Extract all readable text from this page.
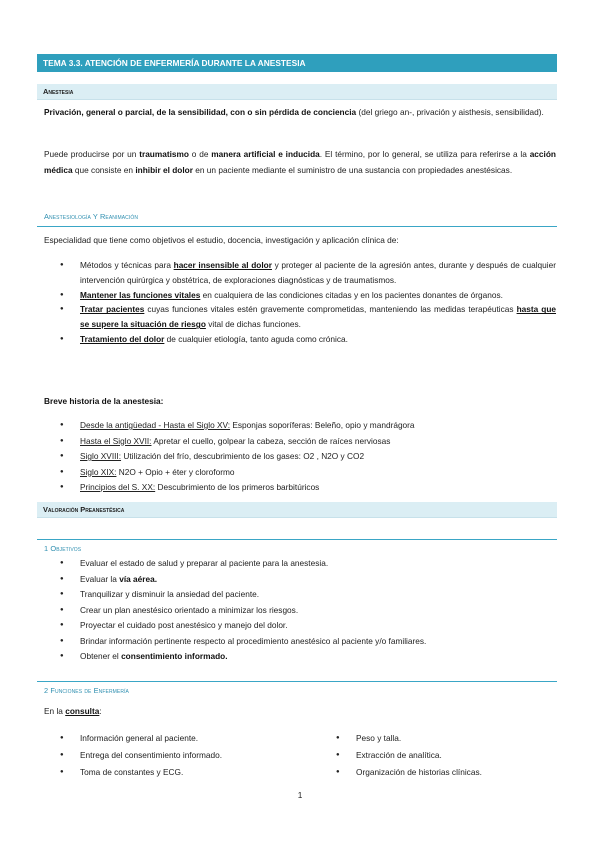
TEMA 3.3. ATENCIÓN DE ENFERMERÍA DURANTE LA ANESTESIA
Anestesia
Privación, general o parcial, de la sensibilidad, con o sin pérdida de conciencia (del griego an-, privación y aisthesis, sensibilidad).
Puede producirse por un traumatismo o de manera artificial e inducida. El término, por lo general, se utiliza para referirse a la acción médica que consiste en inhibir el dolor en un paciente mediante el suministro de una sustancia con propiedades anestésicas.
Anestesiología Y Reanimación
Especialidad que tiene como objetivos el estudio, docencia, investigación y aplicación clínica de:
● Métodos y técnicas para hacer insensible al dolor y proteger al paciente de la agresión antes, durante y después de cualquier intervención quirúrgica y obstétrica, de exploraciones diagnósticas y de traumatismos.
● Mantener las funciones vitales en cualquiera de las condiciones citadas y en los pacientes donantes de órganos.
● Tratar pacientes cuyas funciones vitales estén gravemente comprometidas, manteniendo las medidas terapéuticas hasta que se supere la situación de riesgo vital de dichas funciones.
● Tratamiento del dolor de cualquier etiología, tanto aguda como crónica.
Breve historia de la anestesia:
● Desde la antigüedad - Hasta el Siglo XV: Esponjas soporíferas: Beleño, opio y mandrágora
● Hasta el Siglo XVII: Apretar el cuello, golpear la cabeza, sección de raíces nerviosas
● Siglo XVIII: Utilización del frío, descubrimiento de los gases: O2 , N2O y CO2
● Siglo XIX: N2O + Opio + éter y cloroformo
● Principios del S. XX: Descubrimiento de los primeros barbitúricos
Valoración Preanestésica
1 Objetivos
● Evaluar el estado de salud y preparar al paciente para la anestesia.
● Evaluar la vía aérea.
● Tranquilizar y disminuir la ansiedad del paciente.
● Crear un plan anestésico orientado a minimizar los riesgos.
● Proyectar el cuidado post anestésico y manejo del dolor.
● Brindar información pertinente respecto al procedimiento anestésico al paciente y/o familiares.
● Obtener el consentimiento informado.
2 Funciones de Enfermería
En la consulta:
● Información general al paciente.
● Entrega del consentimiento informado.
● Toma de constantes y ECG.
● Peso y talla.
● Extracción de analítica.
● Organización de historias clínicas.
1
